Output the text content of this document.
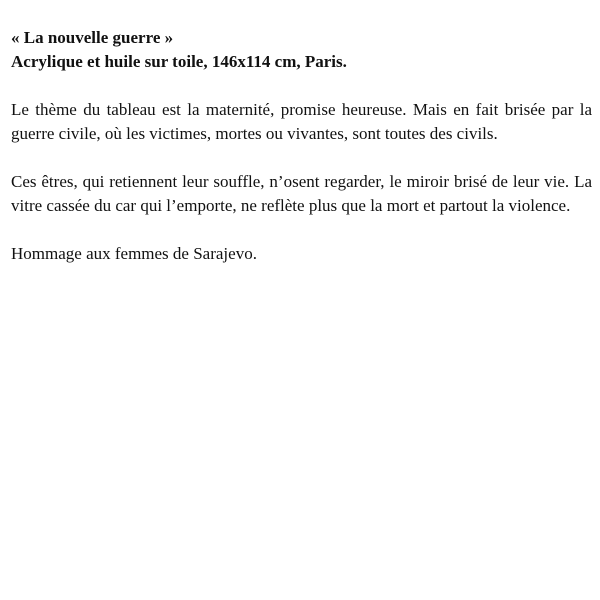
« La nouvelle guerre »

Acrylique et huile sur toile, 146x114 cm, Paris.

Le thème du tableau est la maternité, promise heureuse. Mais en fait brisée par la guerre civile, où les victimes, mortes ou vivantes, sont toutes des civils.

Ces êtres, qui retiennent leur souffle, n’osent regarder, le miroir brisé de leur vie. La vitre cassée du car qui l’emporte, ne reflète plus que la mort et partout la violence.

Hommage aux femmes de Sarajevo.
